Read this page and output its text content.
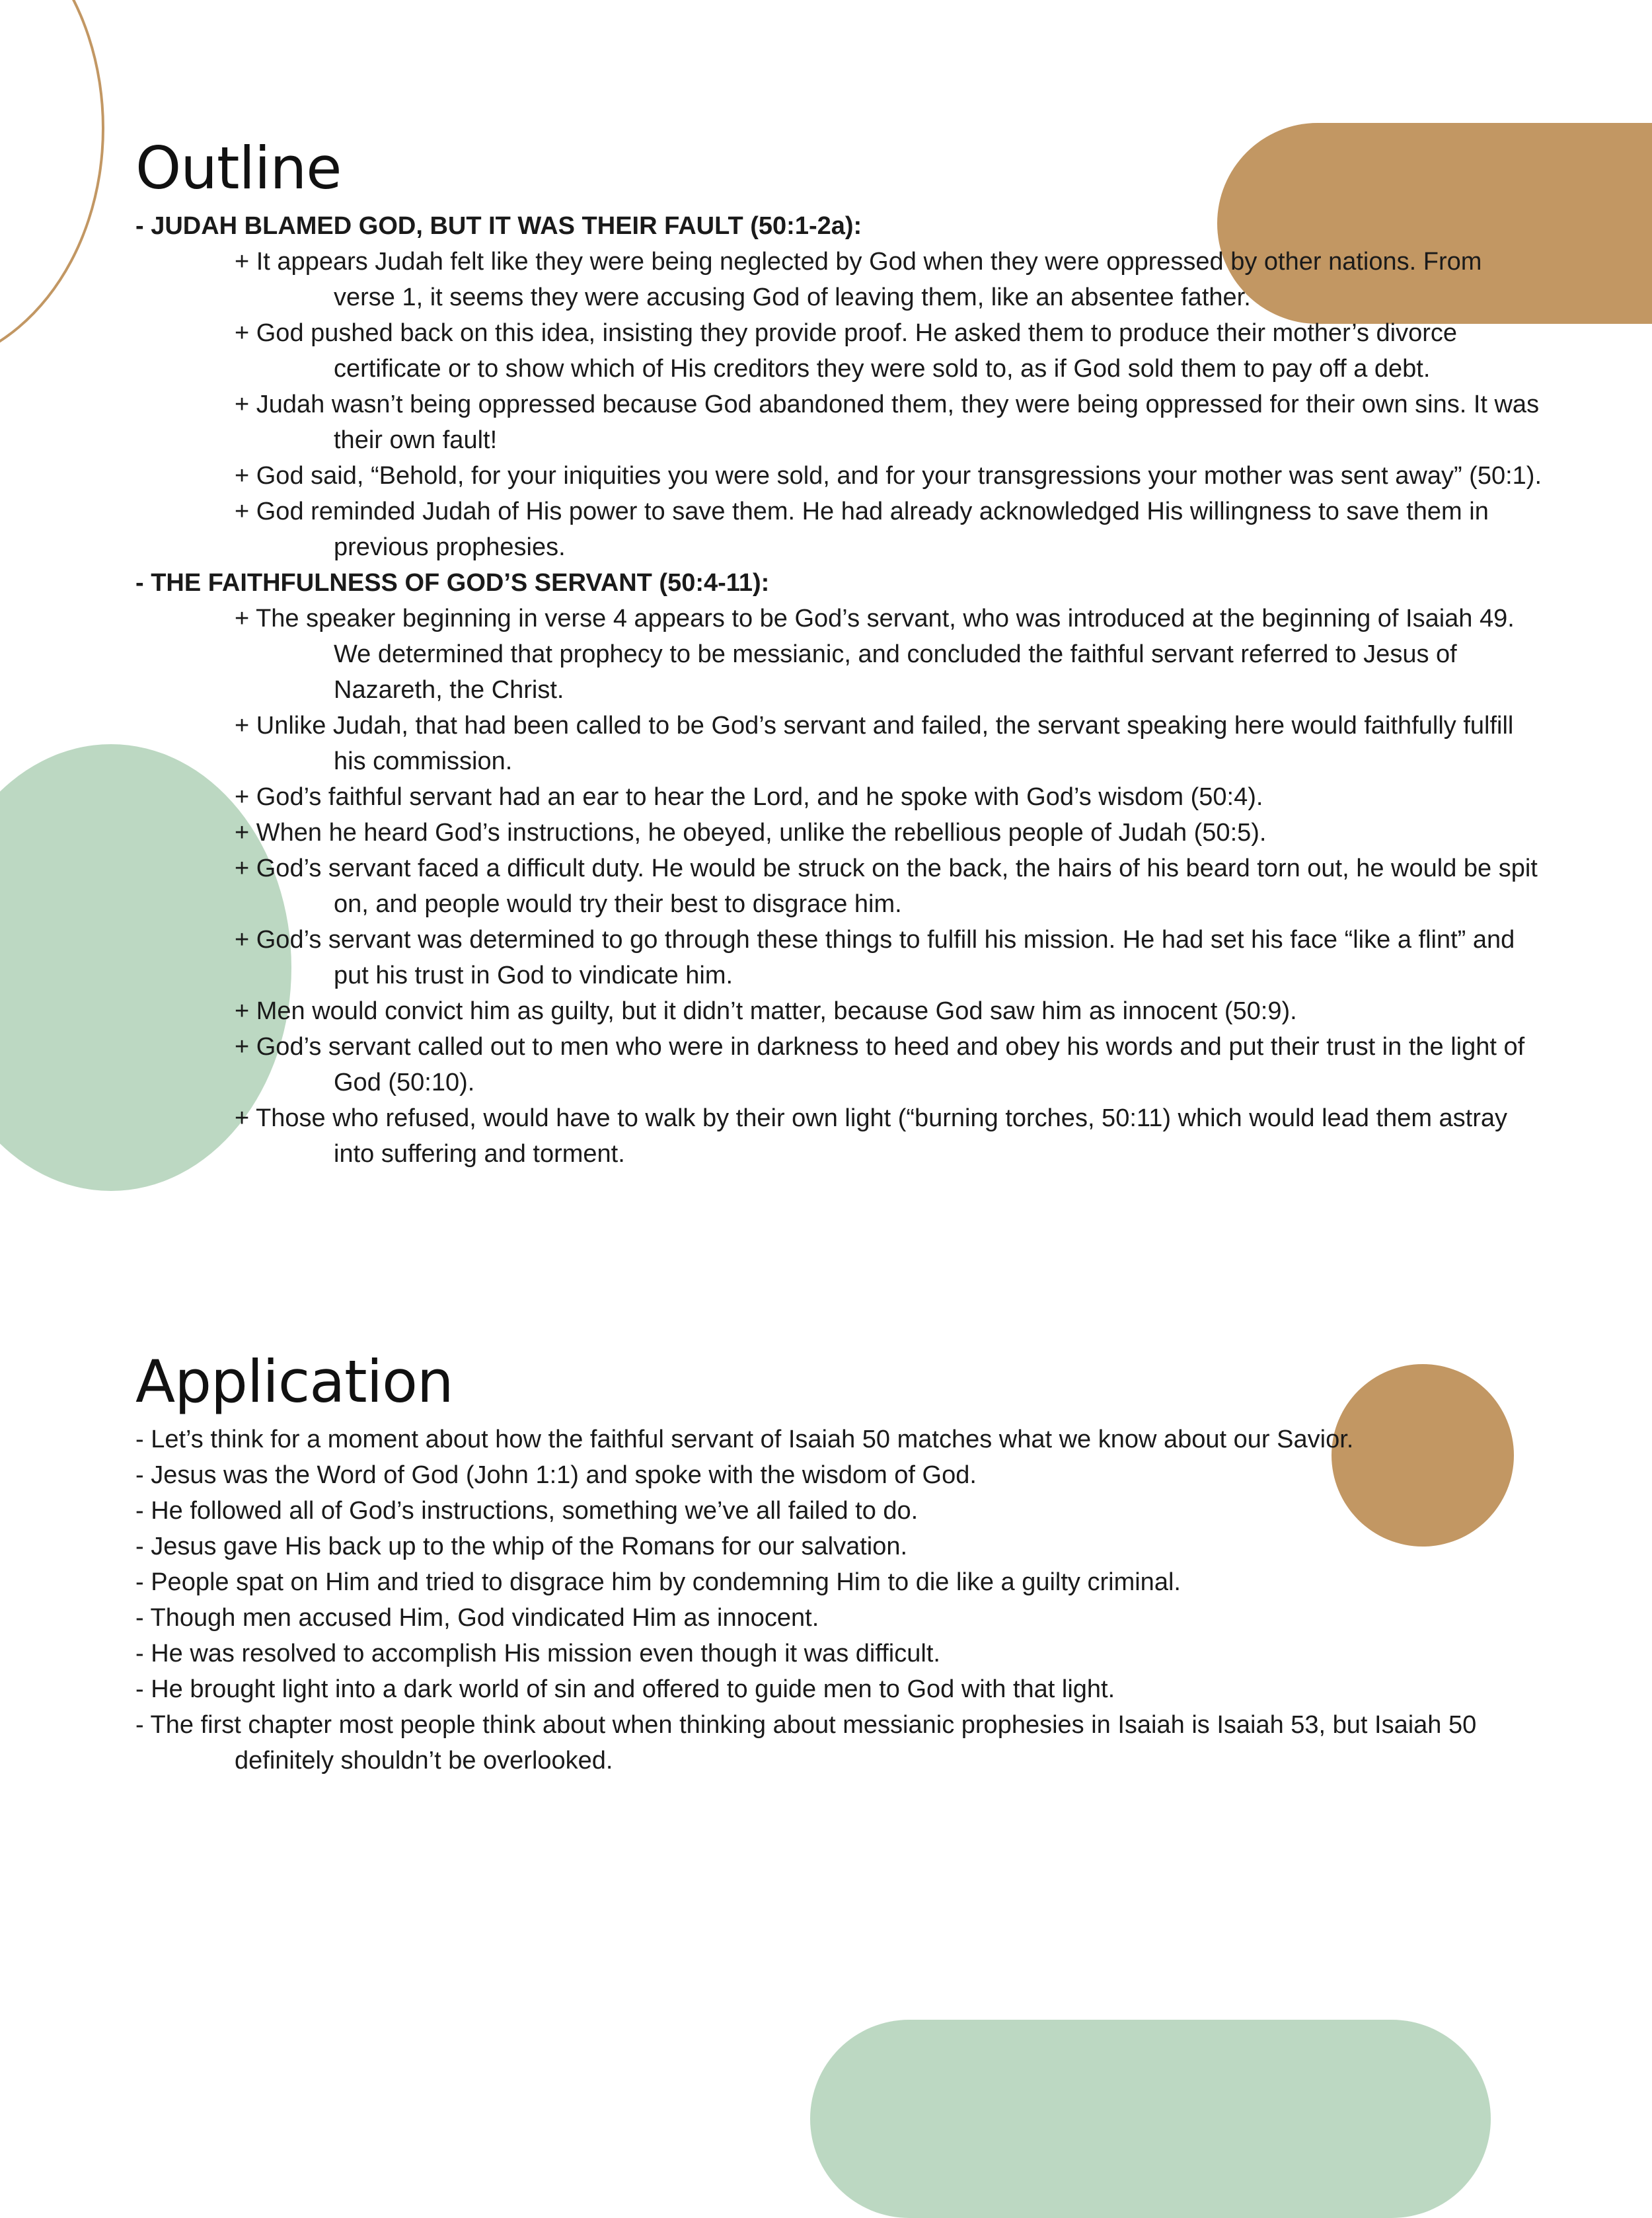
Outline
- JUDAH BLAMED GOD, BUT IT WAS THEIR FAULT (50:1-2a):
+ It appears Judah felt like they were being neglected by God when they were oppressed by other nations. From verse 1, it seems they were accusing God of leaving them, like an absentee father.
+ God pushed back on this idea, insisting they provide proof. He asked them to produce their mother’s divorce certificate or to show which of His creditors they were sold to, as if God sold them to pay off a debt.
+ Judah wasn’t being oppressed because God abandoned them, they were being oppressed for their own sins. It was their own fault!
+ God said, “Behold, for your iniquities you were sold, and for your transgressions your mother was sent away” (50:1).
+ God reminded Judah of His power to save them. He had already acknowledged His willingness to save them in previous prophesies.
- THE FAITHFULNESS OF GOD’S SERVANT (50:4-11):
+ The speaker beginning in verse 4 appears to be God’s servant, who was introduced at the beginning of Isaiah 49. We determined that prophecy to be messianic, and concluded the faithful servant referred to Jesus of Nazareth, the Christ.
+ Unlike Judah, that had been called to be God’s servant and failed, the servant speaking here would faithfully fulfill his commission.
+ God’s faithful servant had an ear to hear the Lord, and he spoke with God’s wisdom (50:4).
+ When he heard God’s instructions, he obeyed, unlike the rebellious people of Judah (50:5).
+ God’s servant faced a difficult duty. He would be struck on the back, the hairs of his beard torn out, he would be spit on, and people would try their best to disgrace him.
+ God’s servant was determined to go through these things to fulfill his mission. He had set his face “like a flint” and put his trust in God to vindicate him.
+ Men would convict him as guilty, but it didn’t matter, because God saw him as innocent (50:9).
+ God’s servant called out to men who were in darkness to heed and obey his words and put their trust in the light of God (50:10).
+ Those who refused, would have to walk by their own light (“burning torches, 50:11) which would lead them astray into suffering and torment.
Application
- Let’s think for a moment about how the faithful servant of Isaiah 50 matches what we know about our Savior.
- Jesus was the Word of God (John 1:1) and spoke with the wisdom of God.
- He followed all of God’s instructions, something we’ve all failed to do.
- Jesus gave His back up to the whip of the Romans for our salvation.
- People spat on Him and tried to disgrace him by condemning Him to die like a guilty criminal.
- Though men accused Him, God vindicated Him as innocent.
- He was resolved to accomplish His mission even though it was difficult.
- He brought light into a dark world of sin and offered to guide men to God with that light.
- The first chapter most people think about when thinking about messianic prophesies in Isaiah is Isaiah 53, but Isaiah 50 definitely shouldn’t be overlooked.
